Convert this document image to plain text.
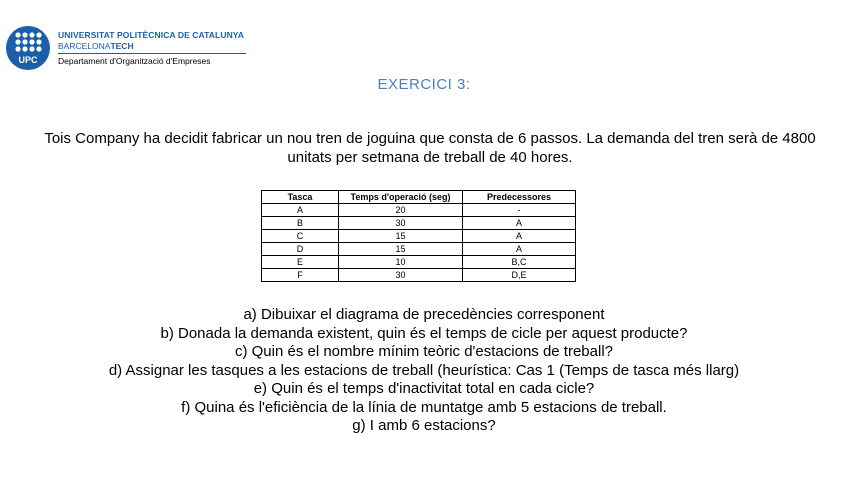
UPC
UNIVERSITAT POLITÈCNICA DE CATALUNYA
BARCELONATECH
Departament d'Organització d'Empreses
EXERCICI 3:
Tois Company ha decidit fabricar un nou tren de joguina que consta de 6 passos. La demanda del tren serà de 4800 unitats per setmana de treball de 40 hores.
Tasca	Temps d'operació (seg)	Predecessores
A	20	-
B	30	A
C	15	A
D	15	A
E	10	B,C
F	30	D,E
a) Dibuixar el diagrama de precedències corresponent
b) Donada la demanda existent, quin és el temps de cicle per aquest producte?
c) Quin és el nombre mínim teòric d'estacions de treball?
d) Assignar les tasques a les estacions de treball (heurística: Cas 1 (Temps de tasca més llarg)
e) Quin és el temps d'inactivitat total en cada cicle?
f) Quina és l'eficiència de la línia de muntatge amb 5 estacions de treball.
g) I amb 6 estacions?
